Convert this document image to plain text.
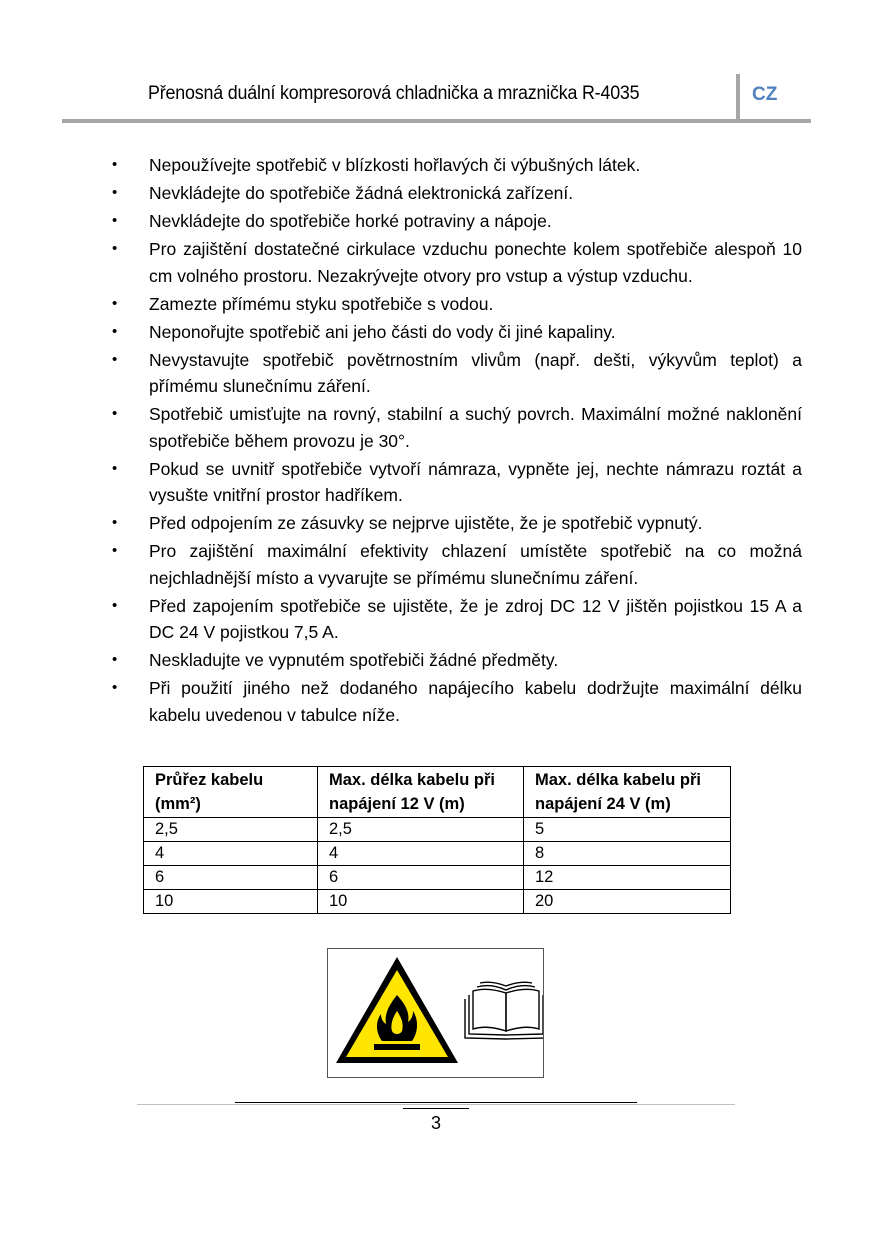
Přenosná duální kompresorová chladnička a mraznička R-4035	CZ
• Nepoužívejte spotřebič v blízkosti hořlavých či výbušných látek.
• Nevkládejte do spotřebiče žádná elektronická zařízení.
• Nevkládejte do spotřebiče horké potraviny a nápoje.
• Pro zajištění dostatečné cirkulace vzduchu ponechte kolem spotřebiče alespoň 10 cm volného prostoru. Nezakrývejte otvory pro vstup a výstup vzduchu.
• Zamezte přímému styku spotřebiče s vodou.
• Neponořujte spotřebič ani jeho části do vody či jiné kapaliny.
• Nevystavujte spotřebič povětrnostním vlivům (např. dešti, výkyvům teplot) a přímému slunečnímu záření.
• Spotřebič umisťujte na rovný, stabilní a suchý povrch. Maximální možné naklonění spotřebiče během provozu je 30°.
• Pokud se uvnitř spotřebiče vytvoří námraza, vypněte jej, nechte námrazu roztát a vysušte vnitřní prostor hadříkem.
• Před odpojením ze zásuvky se nejprve ujistěte, že je spotřebič vypnutý.
• Pro zajištění maximální efektivity chlazení umístěte spotřebič na co možná nejchladnější místo a vyvarujte se přímému slunečnímu záření.
• Před zapojením spotřebiče se ujistěte, že je zdroj DC 12 V jištěn pojistkou 15 A a DC 24 V pojistkou 7,5 A.
• Neskladujte ve vypnutém spotřebiči žádné předměty.
• Při použití jiného než dodaného napájecího kabelu dodržujte maximální délku kabelu uvedenou v tabulce níže.
Průřez kabelu (mm²)	Max. délka kabelu při napájení 12 V (m)	Max. délka kabelu při napájení 24 V (m)
2,5	2,5	5
4	4	8
6	6	12
10	10	20
3
